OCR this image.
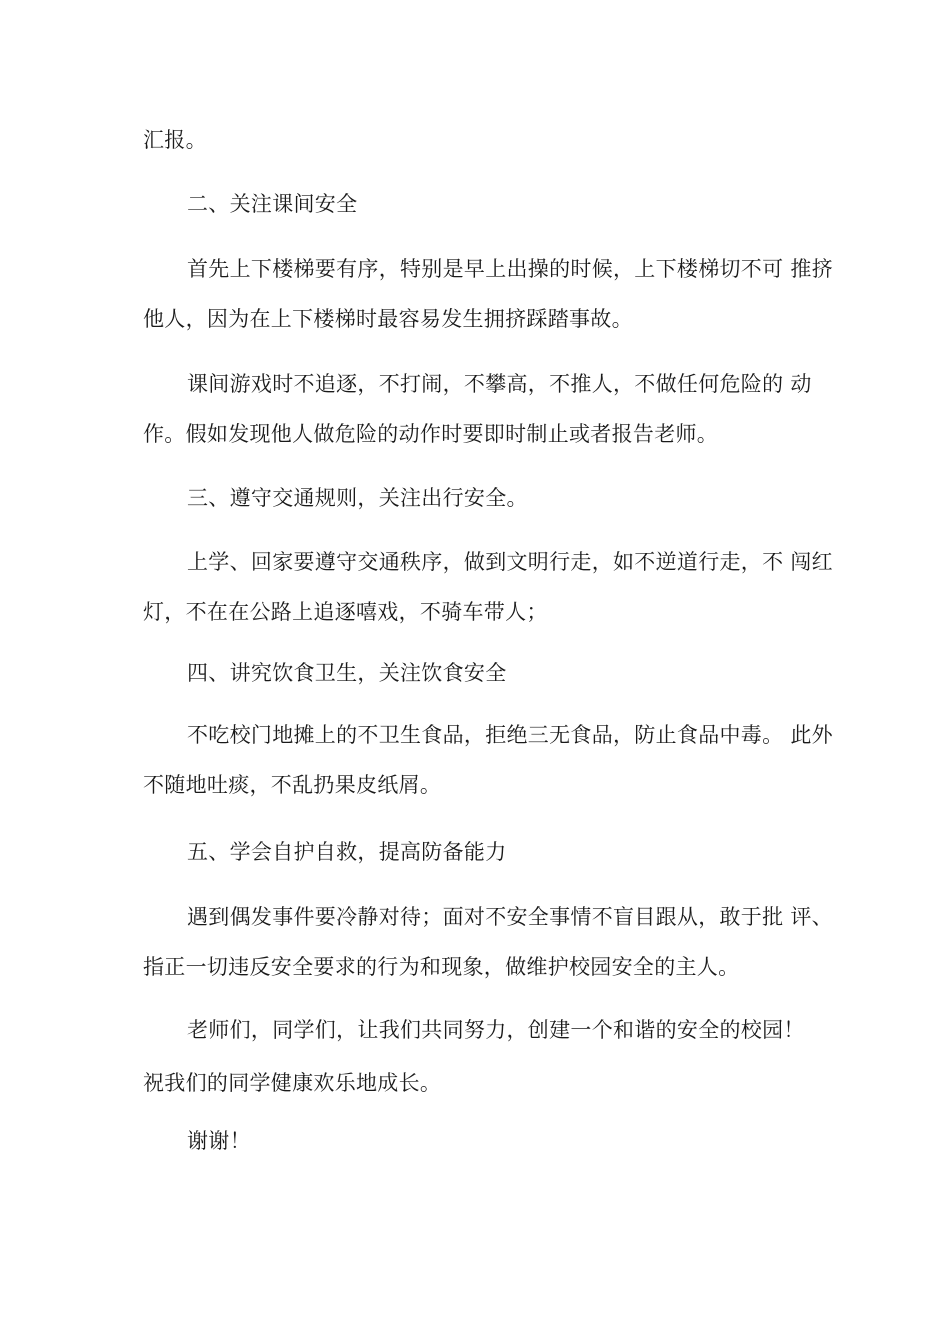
汇报。
二、关注课间安全
首先上下楼梯要有序，特别是早上出操的时候，上下楼梯切不可 推挤
他人，因为在上下楼梯时最容易发生拥挤踩踏事故。
课间游戏时不追逐，不打闹，不攀高，不推人，不做任何危险的 动
作。假如发现他人做危险的动作时要即时制止或者报告老师。
三、遵守交通规则，关注出行安全。
上学、回家要遵守交通秩序，做到文明行走，如不逆道行走，不 闯红
灯，不在在公路上追逐嘻戏，不骑车带人；
四、讲究饮食卫生，关注饮食安全
不吃校门地摊上的不卫生食品，拒绝三无食品，防止食品中毒。 此外
不随地吐痰，不乱扔果皮纸屑。
五、学会自护自救，提高防备能力
遇到偶发事件要冷静对待；面对不安全事情不盲目跟从，敢于批 评、
指正一切违反安全要求的行为和现象，做维护校园安全的主人。
老师们，同学们，让我们共同努力，创建一个和谐的安全的校园！
祝我们的同学健康欢乐地成长。
谢谢！
